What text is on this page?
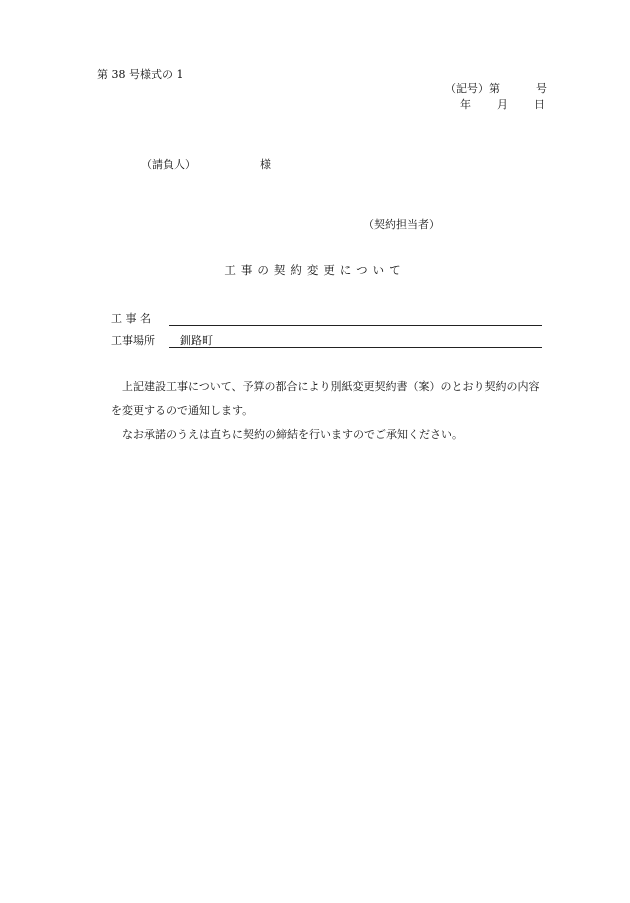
第 38 号様式の 1
（記号）第	号
年 月 日
（請負人）	様
（契約担当者）
工事の契約変更について
工 事 名
工事場所	釧路町
上記建設工事について、予算の都合により別紙変更契約書（案）のとおり契約の内容
を変更するので通知します。
なお承諾のうえは直ちに契約の締結を行いますのでご承知ください。
